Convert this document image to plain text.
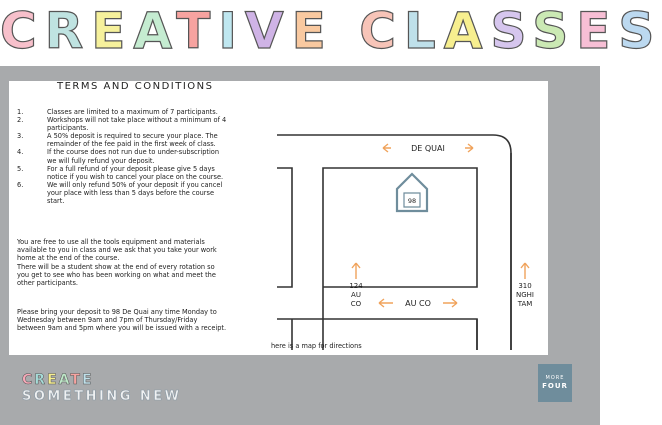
CREATIVE CLASSES
TERMS AND CONDITIONS
1.	Classes are limited to a maximum of 7 participants.
2.	Workshops will not take place without a minimum of 4
participants.
3.	A 50% deposit is required to secure your place. The
remainder of the fee paid in the first week of class.
4.	If the course does not run due to under-subscription
we will fully refund your deposit.
5.	For a full refund of your deposit please give 5 days
notice if you wish to cancel your place on the course.
6.	We will only refund 50% of your deposit if you cancel
your place with less than 5 days before the course
start.

You are free to use all the tools equipment and materials
available to you in class and we ask that you take your work
home at the end of the course.
There will be a student show at the end of every rotation so
you get to see who has been working on what and meet the
other participants.

Please bring your deposit to 98 De Quai any time Monday to
Wednesday between 9am and 7pm of Thursday/Friday
between 9am and 5pm where you will be issued with a receipt.

98
DE QUAI
AU CO
124
AU
CO
310
NGHI
TAM
here is a map for directions
CREATE
SOMETHING NEW
MORE
FOUR
